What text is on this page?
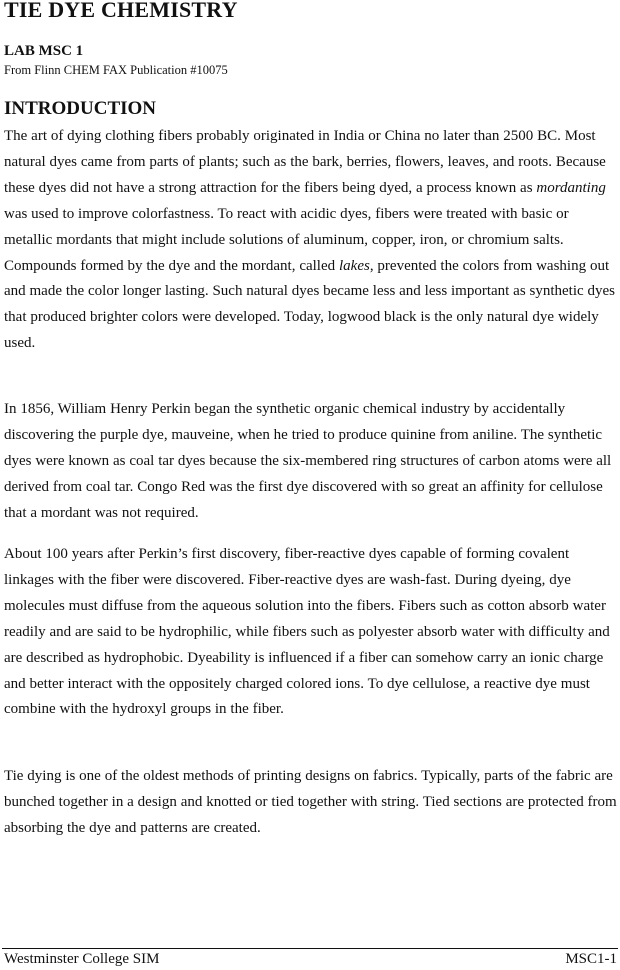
TIE DYE CHEMISTRY
LAB MSC 1
From Flinn CHEM FAX Publication #10075
INTRODUCTION

The art of dying clothing fibers probably originated in India or China no later than 2500 BC. Most natural dyes came from parts of plants; such as the bark, berries, flowers, leaves, and roots. Because these dyes did not have a strong attraction for the fibers being dyed, a process known as mordanting was used to improve colorfastness. To react with acidic dyes, fibers were treated with basic or metallic mordants that might include solutions of aluminum, copper, iron, or chromium salts. Compounds formed by the dye and the mordant, called lakes, prevented the colors from washing out and made the color longer lasting. Such natural dyes became less and less important as synthetic dyes that produced brighter colors were developed. Today, logwood black is the only natural dye widely used.

In 1856, William Henry Perkin began the synthetic organic chemical industry by accidentally discovering the purple dye, mauveine, when he tried to produce quinine from aniline. The synthetic dyes were known as coal tar dyes because the six-membered ring structures of carbon atoms were all derived from coal tar. Congo Red was the first dye discovered with so great an affinity for cellulose that a mordant was not required.

About 100 years after Perkin’s first discovery, fiber-reactive dyes capable of forming covalent linkages with the fiber were discovered. Fiber-reactive dyes are wash-fast. During dyeing, dye molecules must diffuse from the aqueous solution into the fibers. Fibers such as cotton absorb water readily and are said to be hydrophilic, while fibers such as polyester absorb water with difficulty and are described as hydrophobic. Dyeability is influenced if a fiber can somehow carry an ionic charge and better interact with the oppositely charged colored ions. To dye cellulose, a reactive dye must combine with the hydroxyl groups in the fiber.

Tie dying is one of the oldest methods of printing designs on fabrics. Typically, parts of the fabric are bunched together in a design and knotted or tied together with string. Tied sections are protected from absorbing the dye and patterns are created.

Westminster College SIM	MSC1-1
